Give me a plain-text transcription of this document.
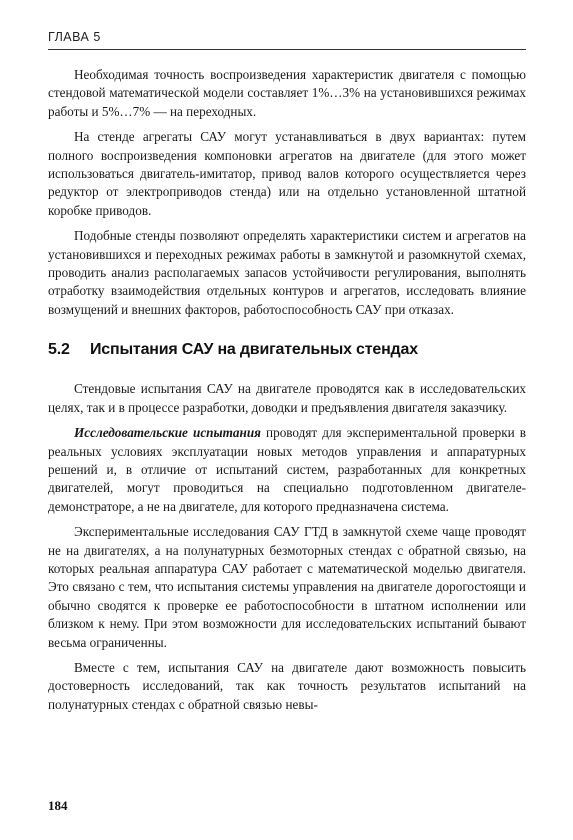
ГЛАВА 5

Необходимая точность воспроизведения характеристик двигателя с помощью стендовой математической модели составляет 1%…3% на установившихся режимах работы и 5%…7% — на переходных.

На стенде агрегаты САУ могут устанавливаться в двух вариантах: путем полного воспроизведения компоновки агрегатов на двигателе (для этого может использоваться двигатель-имитатор, привод валов которого осуществляется через редуктор от электроприводов стенда) или на отдельно установленной штатной коробке приводов.

Подобные стенды позволяют определять характеристики систем и агрегатов на установившихся и переходных режимах работы в замкнутой и разомкнутой схемах, проводить анализ располагаемых запасов устойчивости регулирования, выполнять отработку взаимодействия отдельных контуров и агрегатов, исследовать влияние возмущений и внешних факторов, работоспособность САУ при отказах.

5.2 Испытания САУ на двигательных стендах

Стендовые испытания САУ на двигателе проводятся как в исследовательских целях, так и в процессе разработки, доводки и предъявления двигателя заказчику.

Исследовательские испытания проводят для экспериментальной проверки в реальных условиях эксплуатации новых методов управления и аппаратурных решений и, в отличие от испытаний систем, разработанных для конкретных двигателей, могут проводиться на специально подготовленном двигателе-демонстраторе, а не на двигателе, для которого предназначена система.

Экспериментальные исследования САУ ГТД в замкнутой схеме чаще проводят не на двигателях, а на полунатурных безмоторных стендах с обратной связью, на которых реальная аппаратура САУ работает с математической моделью двигателя. Это связано с тем, что испытания системы управления на двигателе дорогостоящи и обычно сводятся к проверке ее работоспособности в штатном исполнении или близком к нему. При этом возможности для исследовательских испытаний бывают весьма ограниченны.

Вместе с тем, испытания САУ на двигателе дают возможность повысить достоверность исследований, так как точность результатов испытаний на полунатурных стендах с обратной связью невы-

184
